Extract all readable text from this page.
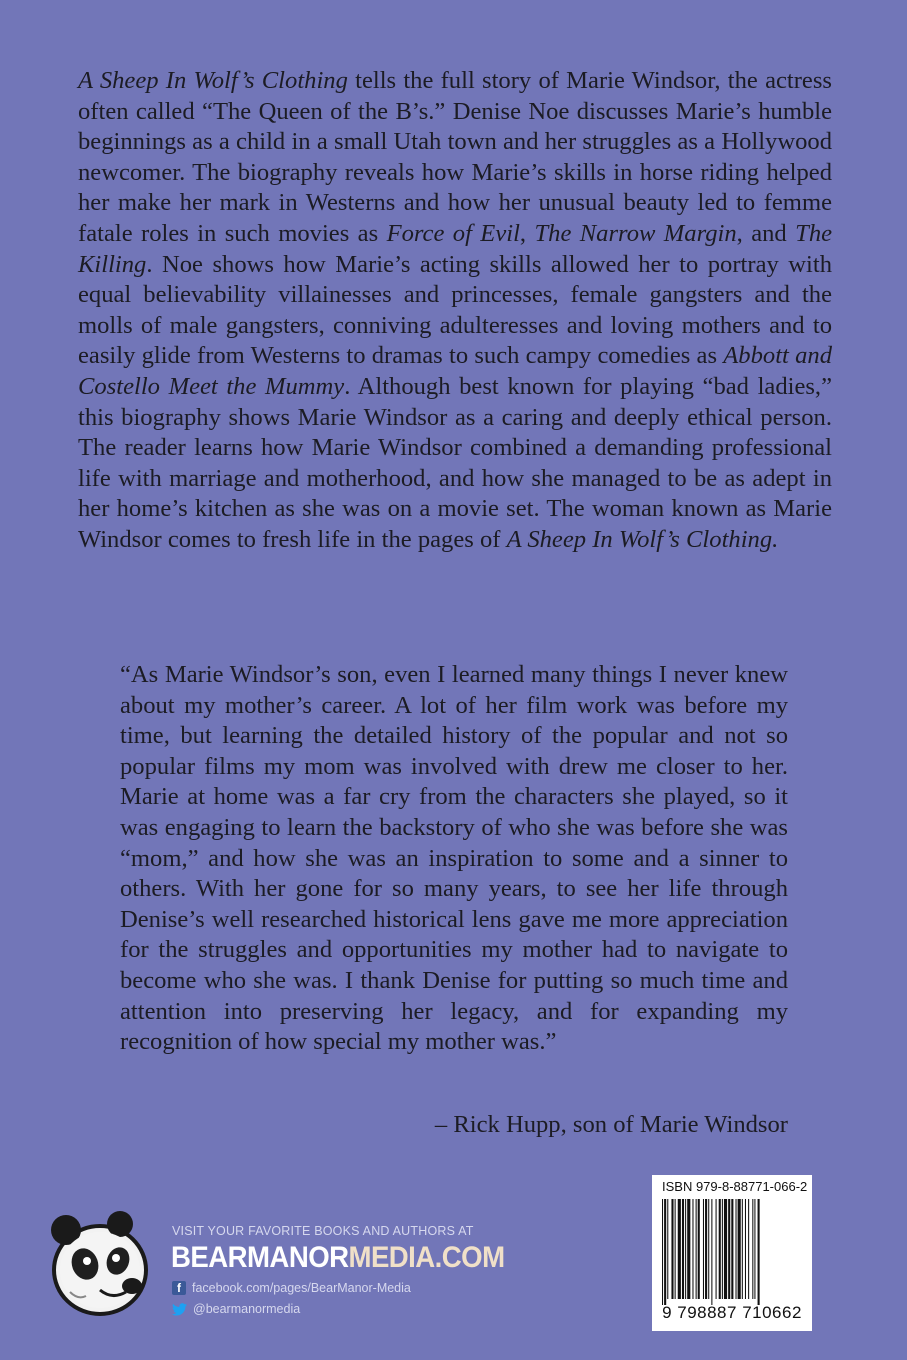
A Sheep In Wolf’s Clothing tells the full story of Marie Windsor, the actress often called “The Queen of the B’s.” Denise Noe discusses Marie’s humble beginnings as a child in a small Utah town and her struggles as a Hollywood newcomer. The biography reveals how Marie’s skills in horse riding helped her make her mark in Westerns and how her unusual beauty led to femme fatale roles in such movies as Force of Evil, The Narrow Margin, and The Killing. Noe shows how Marie’s acting skills allowed her to portray with equal believability villainesses and princesses, female gangsters and the molls of male gangsters, conniving adulteresses and loving mothers and to easily glide from Westerns to dramas to such campy comedies as Abbott and Costello Meet the Mummy. Although best known for playing “bad ladies,” this biography shows Marie Windsor as a caring and deeply ethical person. The reader learns how Marie Windsor combined a demanding professional life with marriage and motherhood, and how she managed to be as adept in her home’s kitchen as she was on a movie set. The woman known as Marie Windsor comes to fresh life in the pages of A Sheep In Wolf’s Clothing.

“As Marie Windsor’s son, even I learned many things I never knew about my mother’s career. A lot of her film work was before my time, but learning the detailed history of the popular and not so popular films my mom was involved with drew me closer to her. Marie at home was a far cry from the characters she played, so it was engaging to learn the backstory of who she was before she was “mom,” and how she was an inspiration to some and a sinner to others. With her gone for so many years, to see her life through Denise’s well researched historical lens gave me more appreciation for the struggles and opportunities my mother had to navigate to become who she was. I thank Denise for putting so much time and attention into preserving her legacy, and for expanding my recognition of how special my mother was.”

– Rick Hupp, son of Marie Windsor
VISIT YOUR FAVORITE BOOKS AND AUTHORS AT
BEARMANORMEDIA.COM
f facebook.com/pages/BearManor-Media
@bearmanormedia
ISBN 979-8-88771-066-2
9 798887 710662
